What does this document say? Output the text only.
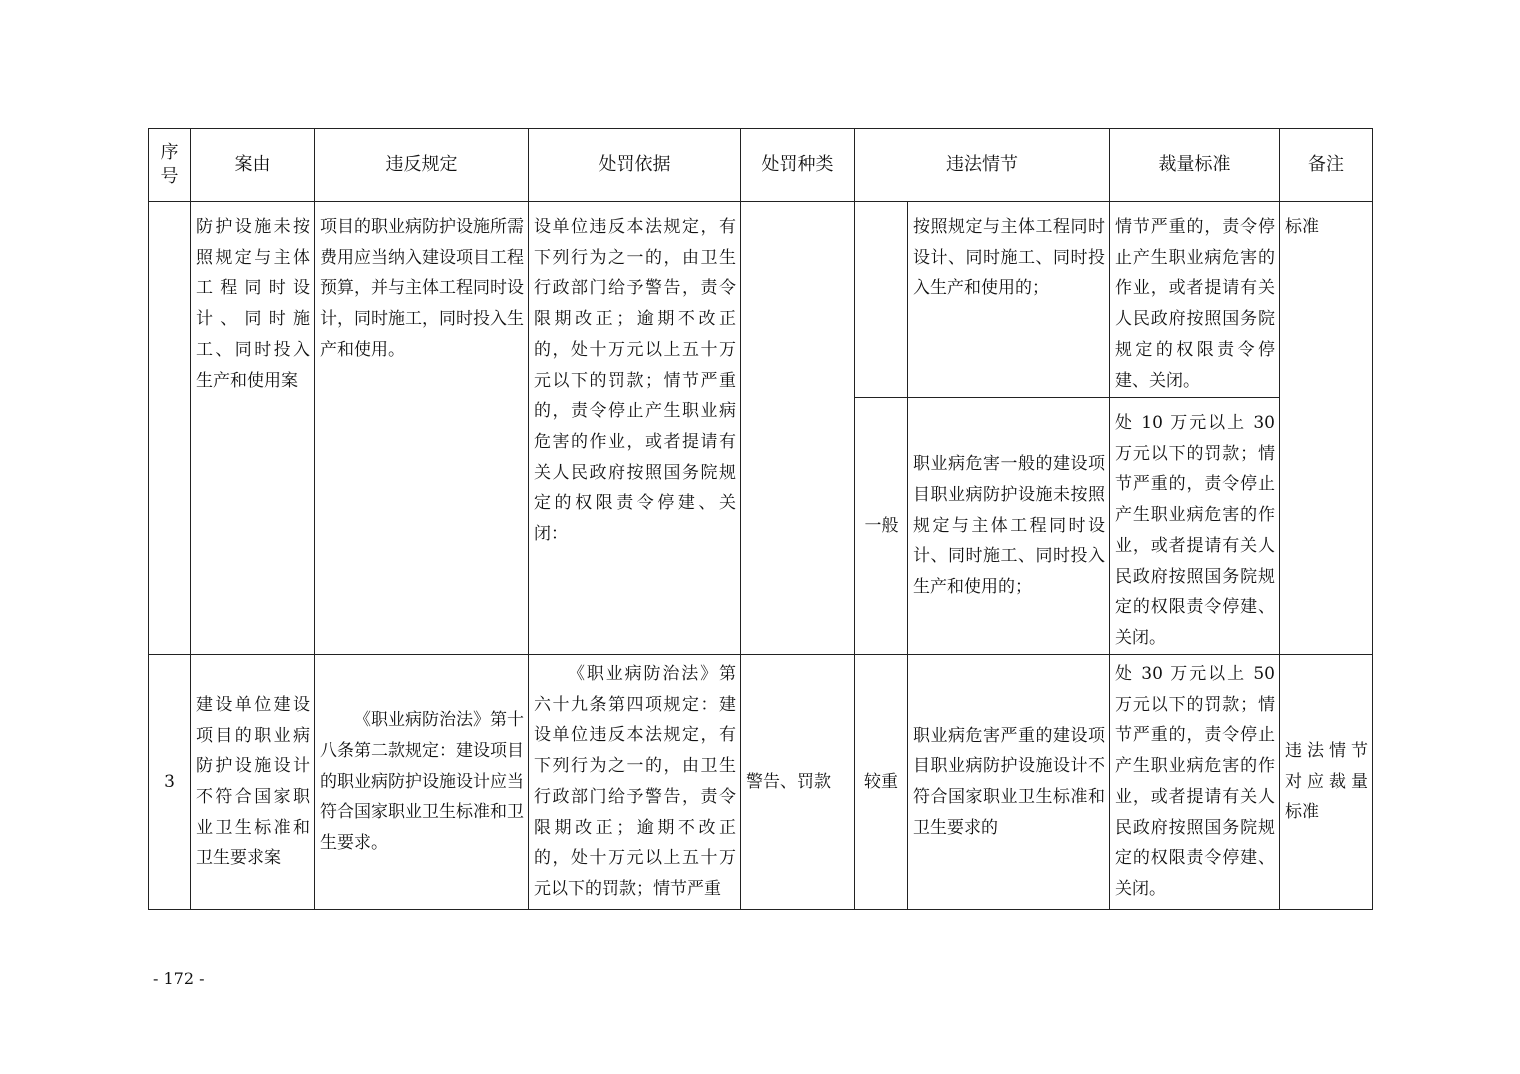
序
号	案由	违反规定	处罚依据	处罚种类	违法情节		裁量标准	备注

	防护设施未按照规定与主体工程同时设计、同时施工、同时投入生产和使用案	项目的职业病防护设施所需费用应当纳入建设项目工程预算，并与主体工程同时设计，同时施工，同时投入生产和使用。	设单位违反本法规定，有下列行为之一的，由卫生行政部门给予警告，责令限期改正；逾期不改正的，处十万元以上五十万元以下的罚款；情节严重的，责令停止产生职业病危害的作业，或者提请有关人民政府按照国务院规定的权限责令停建、关闭：			按照规定与主体工程同时设计、同时施工、同时投入生产和使用的；	情节严重的，责令停止产生职业病危害的作业，或者提请有关人民政府按照国务院规定的权限责令停建、关闭。	标准

					一般	职业病危害一般的建设项目职业病防护设施未按照规定与主体工程同时设计、同时施工、同时投入生产和使用的；	处 10 万元以上 30 万元以下的罚款；情节严重的，责令停止产生职业病危害的作业，或者提请有关人民政府按照国务院规定的权限责令停建、关闭。	

3	建设单位建设项目的职业病防护设施设计不符合国家职业卫生标准和卫生要求案	《职业病防治法》第十八条第二款规定：建设项目的职业病防护设施设计应当符合国家职业卫生标准和卫生要求。	《职业病防治法》第六十九条第四项规定：建设单位违反本法规定，有下列行为之一的，由卫生行政部门给予警告，责令限期改正；逾期不改正的，处十万元以上五十万元以下的罚款；情节严重	警告、罚款	较重	职业病危害严重的建设项目职业病防护设施设计不符合国家职业卫生标准和卫生要求的	处 30 万元以上 50 万元以下的罚款；情节严重的，责令停止产生职业病危害的作业，或者提请有关人民政府按照国务院规定的权限责令停建、关闭。	违法情节对应裁量标准
- 172 -
